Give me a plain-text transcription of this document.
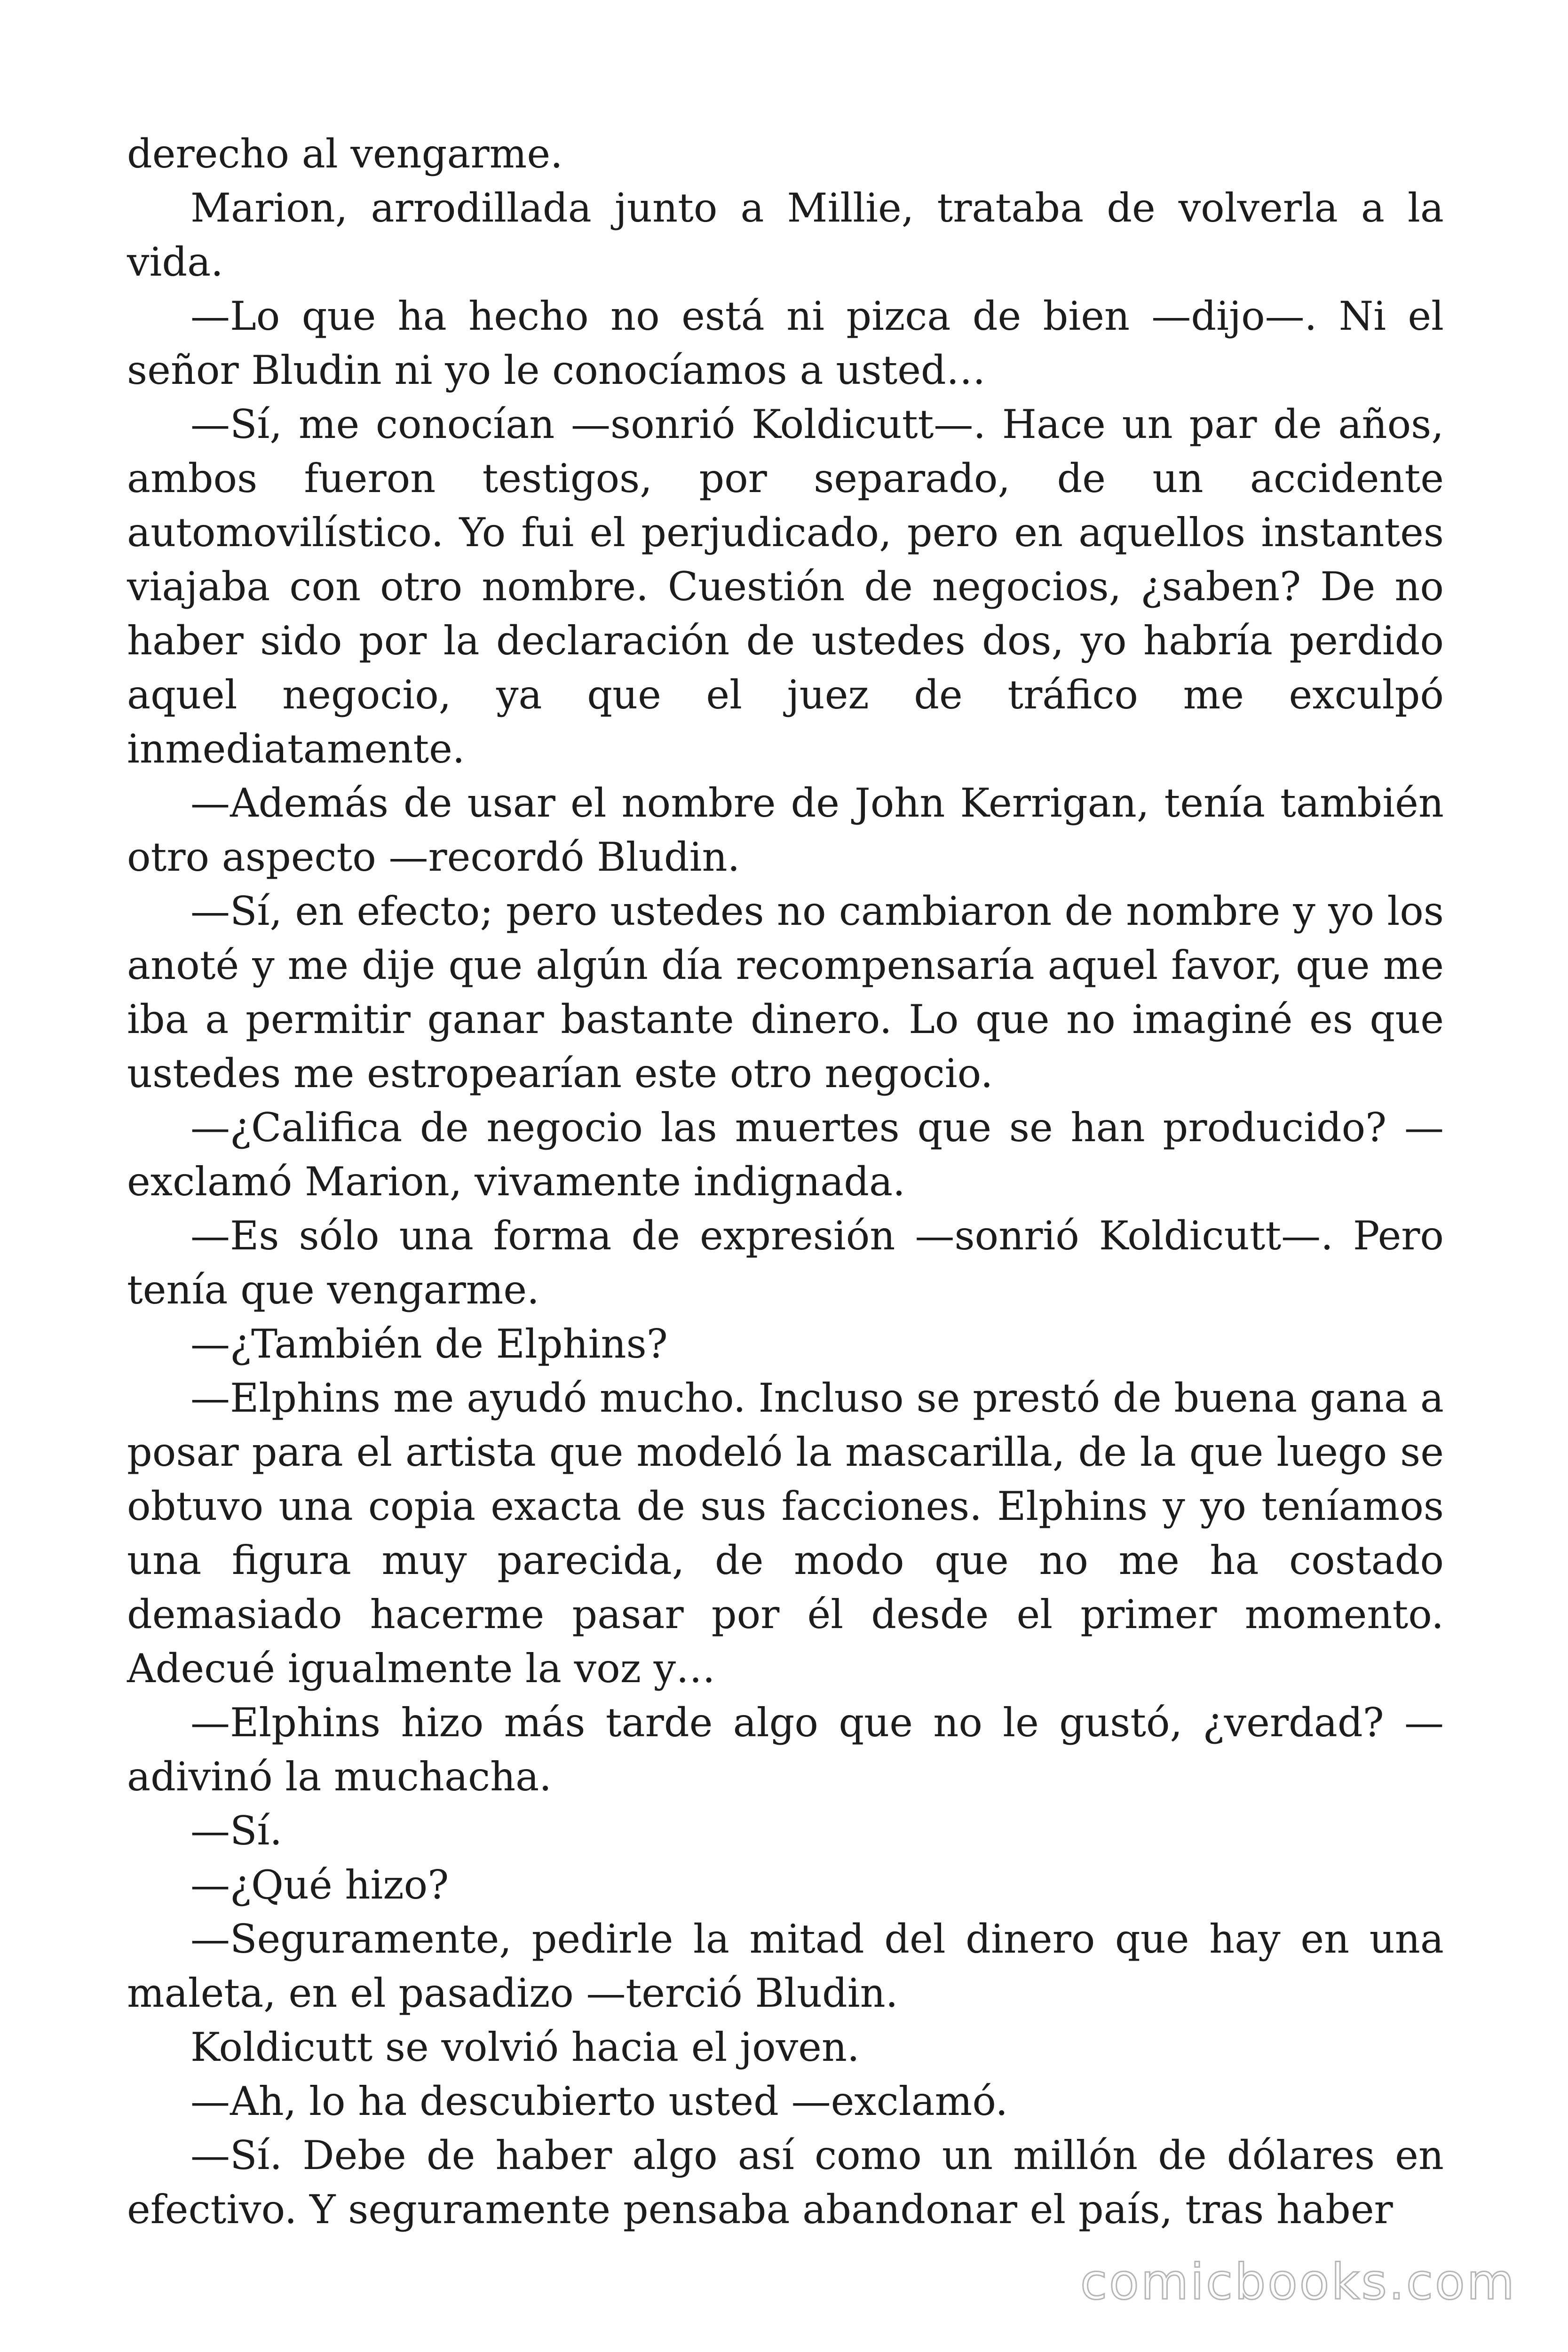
derecho al vengarme.

Marion, arrodillada junto a Millie, trataba de volverla a la vida.

—Lo que ha hecho no está ni pizca de bien —dijo—. Ni el señor Bludin ni yo le conocíamos a usted…

—Sí, me conocían —sonrió Koldicutt—. Hace un par de años, ambos fueron testigos, por separado, de un accidente automovilístico. Yo fui el perjudicado, pero en aquellos instantes viajaba con otro nombre. Cuestión de negocios, ¿saben? De no haber sido por la declaración de ustedes dos, yo habría perdido aquel negocio, ya que el juez de tráfico me exculpó inmediatamente.

—Además de usar el nombre de John Kerrigan, tenía también otro aspecto —recordó Bludin.

—Sí, en efecto; pero ustedes no cambiaron de nombre y yo los anoté y me dije que algún día recompensaría aquel favor, que me iba a permitir ganar bastante dinero. Lo que no imaginé es que ustedes me estropearían este otro negocio.

—¿Califica de negocio las muertes que se han producido? —exclamó Marion, vivamente indignada.

—Es sólo una forma de expresión —sonrió Koldicutt—. Pero tenía que vengarme.

—¿También de Elphins?

—Elphins me ayudó mucho. Incluso se prestó de buena gana a posar para el artista que modeló la mascarilla, de la que luego se obtuvo una copia exacta de sus facciones. Elphins y yo teníamos una figura muy parecida, de modo que no me ha costado demasiado hacerme pasar por él desde el primer momento. Adecué igualmente la voz y…

—Elphins hizo más tarde algo que no le gustó, ¿verdad? —adivinó la muchacha.

—Sí.

—¿Qué hizo?

—Seguramente, pedirle la mitad del dinero que hay en una maleta, en el pasadizo —terció Bludin.

Koldicutt se volvió hacia el joven.

—Ah, lo ha descubierto usted —exclamó.

—Sí. Debe de haber algo así como un millón de dólares en efectivo. Y seguramente pensaba abandonar el país, tras haber

comicbooks.com
